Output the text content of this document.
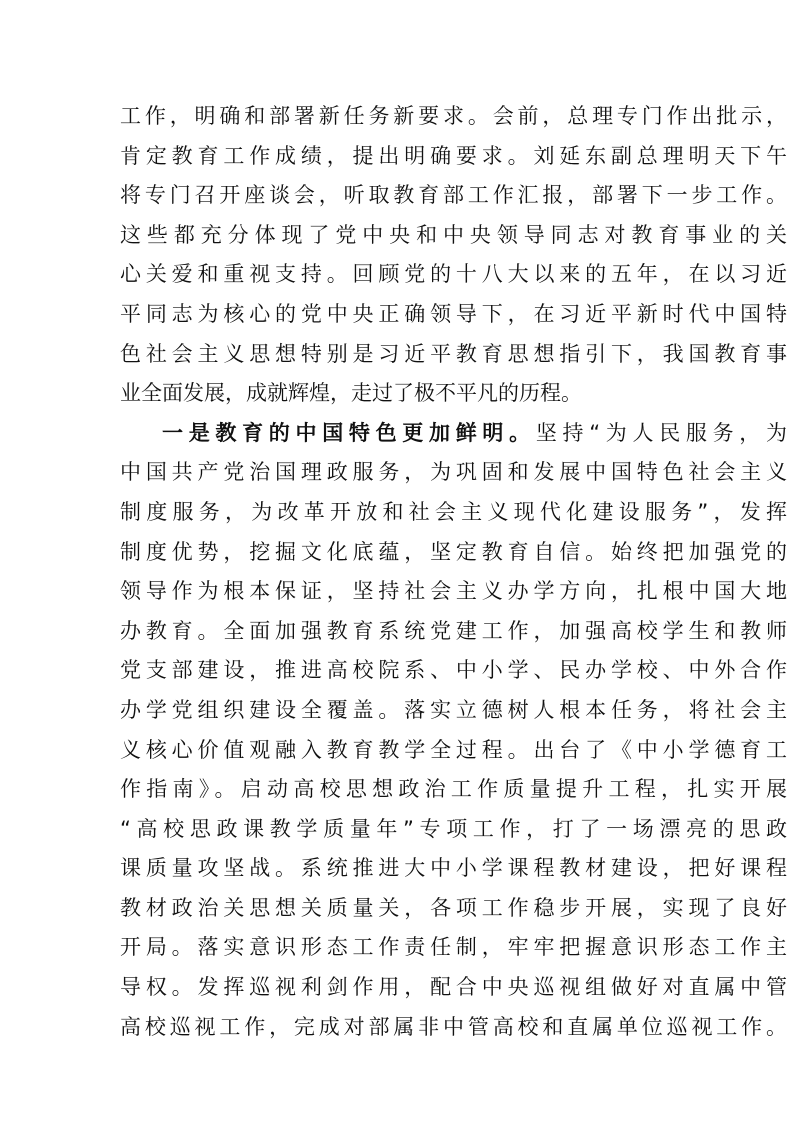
工作，明确和部署新任务新要求。会前，总理专门作出批示，
肯定教育工作成绩，提出明确要求。刘延东副总理明天下午
将专门召开座谈会，听取教育部工作汇报，部署下一步工作。
这些都充分体现了党中央和中央领导同志对教育事业的关
心关爱和重视支持。回顾党的十八大以来的五年，在以习近
平同志为核心的党中央正确领导下，在习近平新时代中国特
色社会主义思想特别是习近平教育思想指引下，我国教育事
业全面发展，成就辉煌，走过了极不平凡的历程。
一是教育的中国特色更加鲜明。坚持“为人民服务，为
中国共产党治国理政服务，为巩固和发展中国特色社会主义
制度服务，为改革开放和社会主义现代化建设服务”，发挥
制度优势，挖掘文化底蕴，坚定教育自信。始终把加强党的
领导作为根本保证，坚持社会主义办学方向，扎根中国大地
办教育。全面加强教育系统党建工作，加强高校学生和教师
党支部建设，推进高校院系、中小学、民办学校、中外合作
办学党组织建设全覆盖。落实立德树人根本任务，将社会主
义核心价值观融入教育教学全过程。出台了《中小学德育工
作指南》。启动高校思想政治工作质量提升工程，扎实开展
“高校思政课教学质量年”专项工作，打了一场漂亮的思政
课质量攻坚战。系统推进大中小学课程教材建设，把好课程
教材政治关思想关质量关，各项工作稳步开展，实现了良好
开局。落实意识形态工作责任制，牢牢把握意识形态工作主
导权。发挥巡视利剑作用，配合中央巡视组做好对直属中管
高校巡视工作，完成对部属非中管高校和直属单位巡视工作。
